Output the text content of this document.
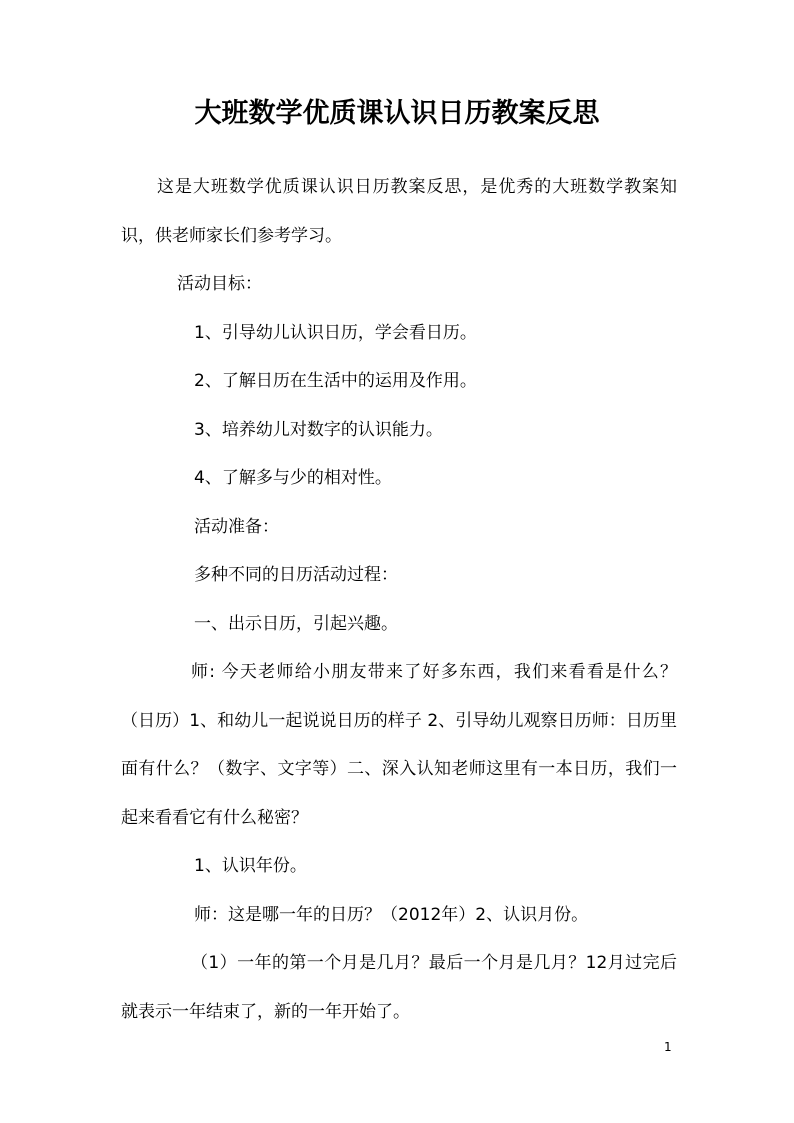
大班数学优质课认识日历教案反思

这是大班数学优质课认识日历教案反思，是优秀的大班数学教案知识，供老师家长们参考学习。

活动目标：

1、引导幼儿认识日历，学会看日历。

2、了解日历在生活中的运用及作用。

3、培养幼儿对数字的认识能力。

4、了解多与少的相对性。

活动准备：

多种不同的日历活动过程：

一、出示日历，引起兴趣。

师: 今天老师给小朋友带来了好多东西，我们来看看是什么？（日历）1、和幼儿一起说说日历的样子 2、引导幼儿观察日历师：日历里面有什么？（数字、文字等）二、深入认知老师这里有一本日历，我们一起来看看它有什么秘密？

1、认识年份。

师：这是哪一年的日历？（2012年）2、认识月份。

（1）一年的第一个月是几月？最后一个月是几月？12月过完后就表示一年结束了，新的一年开始了。

1
